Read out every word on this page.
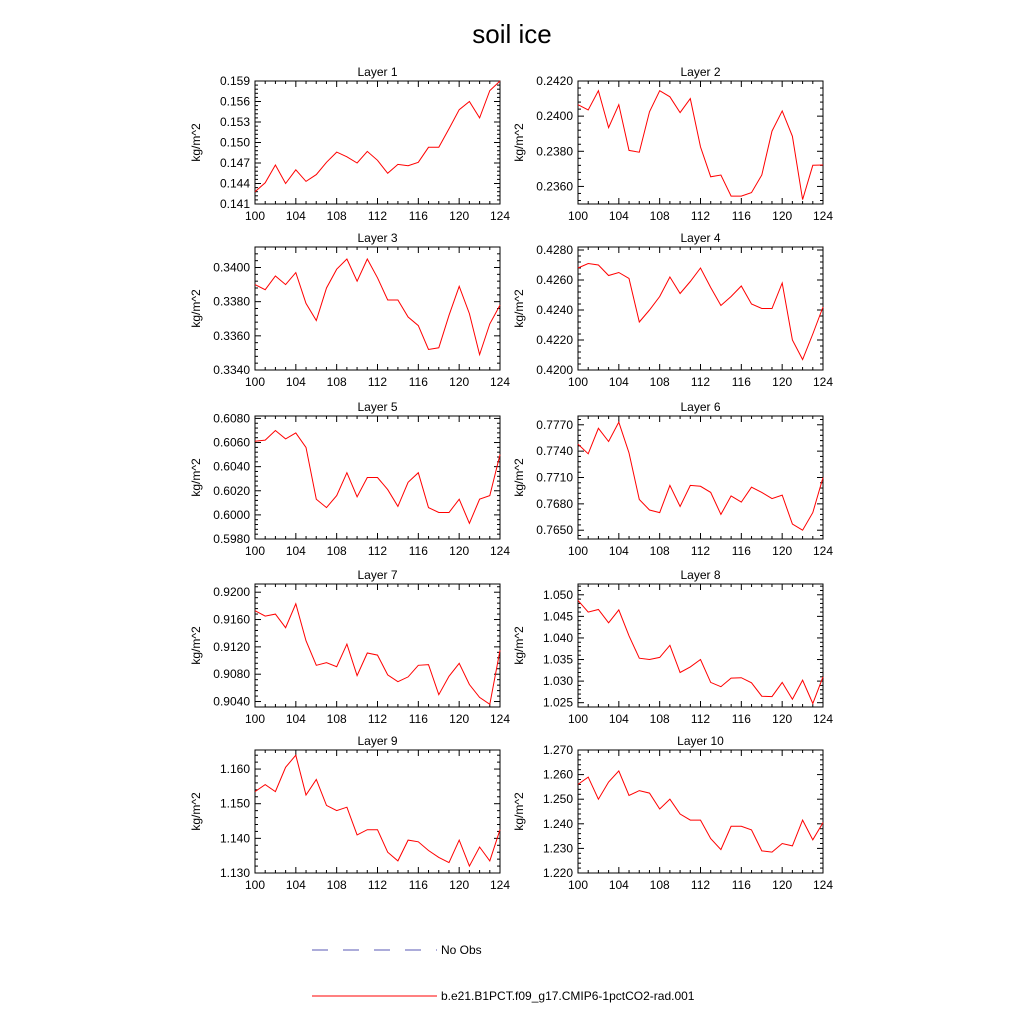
soil ice
Layer 1
100 104 108 112 116 120 124
0.141
0.144
0.147
0.150
0.153
0.156
0.159
kg/m^2
Layer 2
100 104 108 112 116 120 124
0.2360
0.2380
0.2400
0.2420
kg/m^2
Layer 3
100 104 108 112 116 120 124
0.3340
0.3360
0.3380
0.3400
kg/m^2
Layer 4
100 104 108 112 116 120 124
0.4200
0.4220
0.4240
0.4260
0.4280
kg/m^2
Layer 5
100 104 108 112 116 120 124
0.5980
0.6000
0.6020
0.6040
0.6060
0.6080
kg/m^2
Layer 6
100 104 108 112 116 120 124
0.7650
0.7680
0.7710
0.7740
0.7770
kg/m^2
Layer 7
100 104 108 112 116 120 124
0.9040
0.9080
0.9120
0.9160
0.9200
kg/m^2
Layer 8
100 104 108 112 116 120 124
1.025
1.030
1.035
1.040
1.045
1.050
kg/m^2
Layer 9
100 104 108 112 116 120 124
1.130
1.140
1.150
1.160
kg/m^2
Layer 10
100 104 108 112 116 120 124
1.220
1.230
1.240
1.250
1.260
1.270
kg/m^2
No Obs
b.e21.B1PCT.f09_g17.CMIP6-1pctCO2-rad.001
